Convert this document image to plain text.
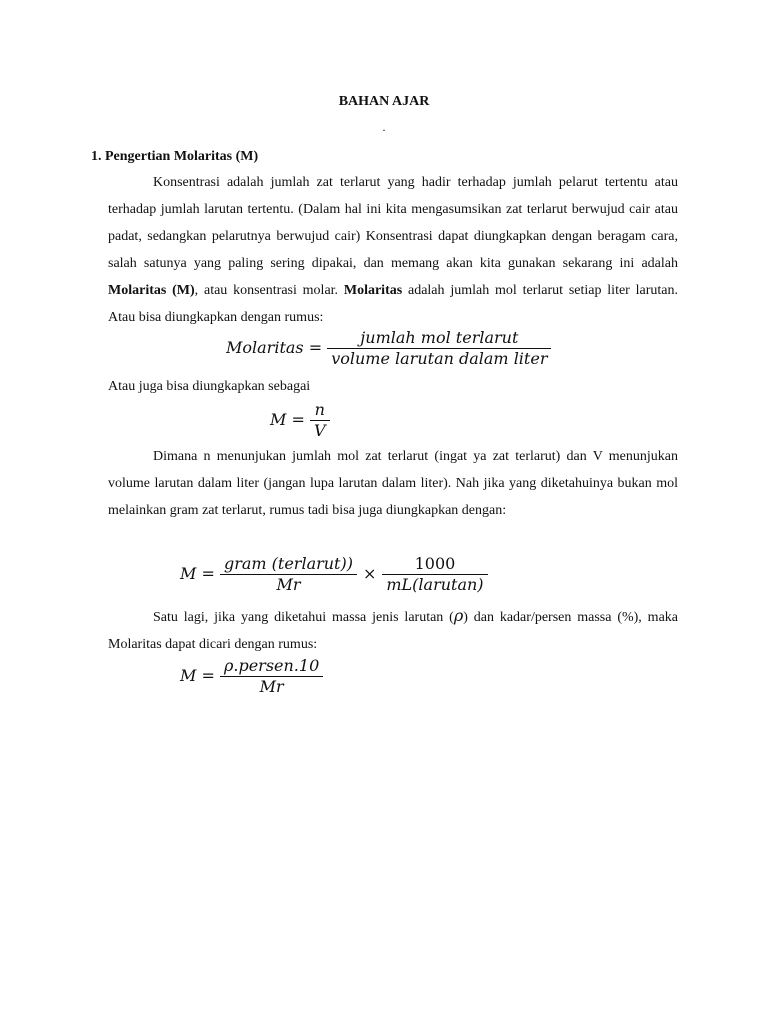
BAHAN AJAR
.
1. Pengertian Molaritas (M)

Konsentrasi adalah jumlah zat terlarut yang hadir terhadap jumlah pelarut tertentu atau terhadap jumlah larutan tertentu. (Dalam hal ini kita mengasumsikan zat terlarut berwujud cair atau padat, sedangkan pelarutnya berwujud cair) Konsentrasi dapat diungkapkan dengan beragam cara, salah satunya yang paling sering dipakai, dan memang akan kita gunakan sekarang ini adalah Molaritas (M), atau konsentrasi molar. Molaritas adalah jumlah mol terlarut setiap liter larutan. Atau bisa diungkapkan dengan rumus:

Molaritas = $\frac{\text{jumlah mol terlarut}}{\text{volume larutan dalam liter}}$
Atau juga bisa diungkapkan sebagai
$M = \frac{n}{V}$

Dimana n menunjukan jumlah mol zat terlarut (ingat ya zat terlarut) dan V menunjukan volume larutan dalam liter (jangan lupa larutan dalam liter). Nah jika yang diketahuinya bukan mol melainkan gram zat terlarut, rumus tadi bisa juga diungkapkan dengan:

$M = \frac{\text{gram (terlarut))}}{Mr} \times \frac{1000}{\text{mL(larutan)}}$

Satu lagi, jika yang diketahui massa jenis larutan (ρ) dan kadar/persen massa (%), maka Molaritas dapat dicari dengan rumus:

$M = \frac{\text{ρ.persen.10}}{Mr}$
